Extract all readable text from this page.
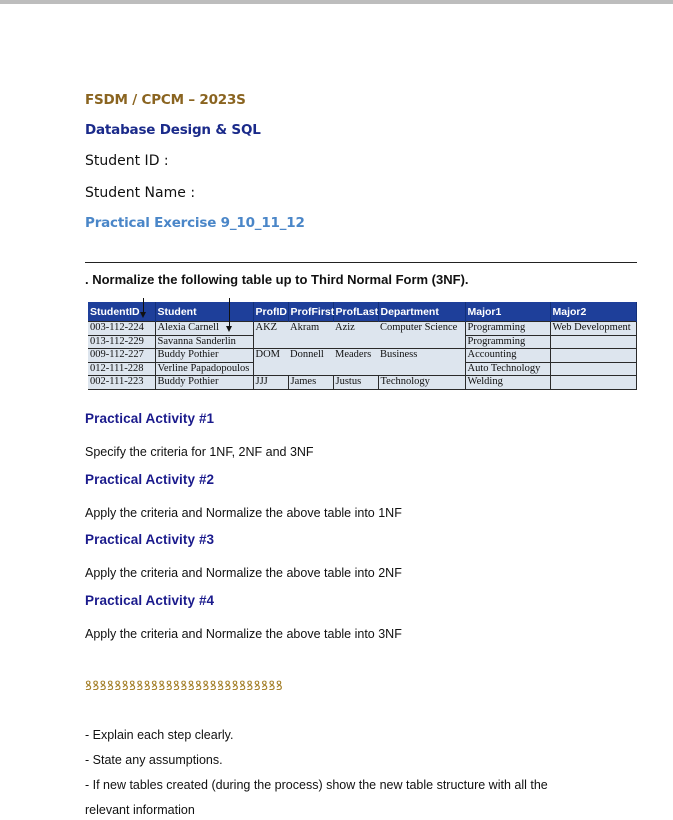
FSDM / CPCM – 2023S
Database Design & SQL
Student ID :
Student Name :
Practical Exercise 9_10_11_12
. Normalize the following table up to Third Normal Form (3NF).
StudentID	Student	ProfID	ProfFirst	ProfLast	Department	Major1	Major2
003-112-224	Alexia Carnell	AKZ	Akram	Aziz	Computer Science	Programming	Web Development
013-112-229	Savanna Sanderlin					Programming	
009-112-227	Buddy Pothier	DOM	Donnell	Meaders	Business	Accounting	
012-111-228	Verline Papadopoulos					Auto Technology	
002-111-223	Buddy Pothier	JJJ	James	Justus	Technology	Welding	
Practical Activity #1
Specify the criteria for 1NF, 2NF and 3NF
Practical Activity #2
Apply the criteria and Normalize the above table into 1NF
Practical Activity #3
Apply the criteria and Normalize the above table into 2NF
Practical Activity #4
Apply the criteria and Normalize the above table into 3NF
ꝸꝸꝸꝸꝸꝸꝸꝸꝸꝸꝸꝸꝸꝸꝸꝸꝸꝸꝸꝸꝸꝸꝸꝸꝸꝸꝸ
- Explain each step clearly.
- State any assumptions.
- If new tables created (during the process) show the new table structure with all the
relevant information
